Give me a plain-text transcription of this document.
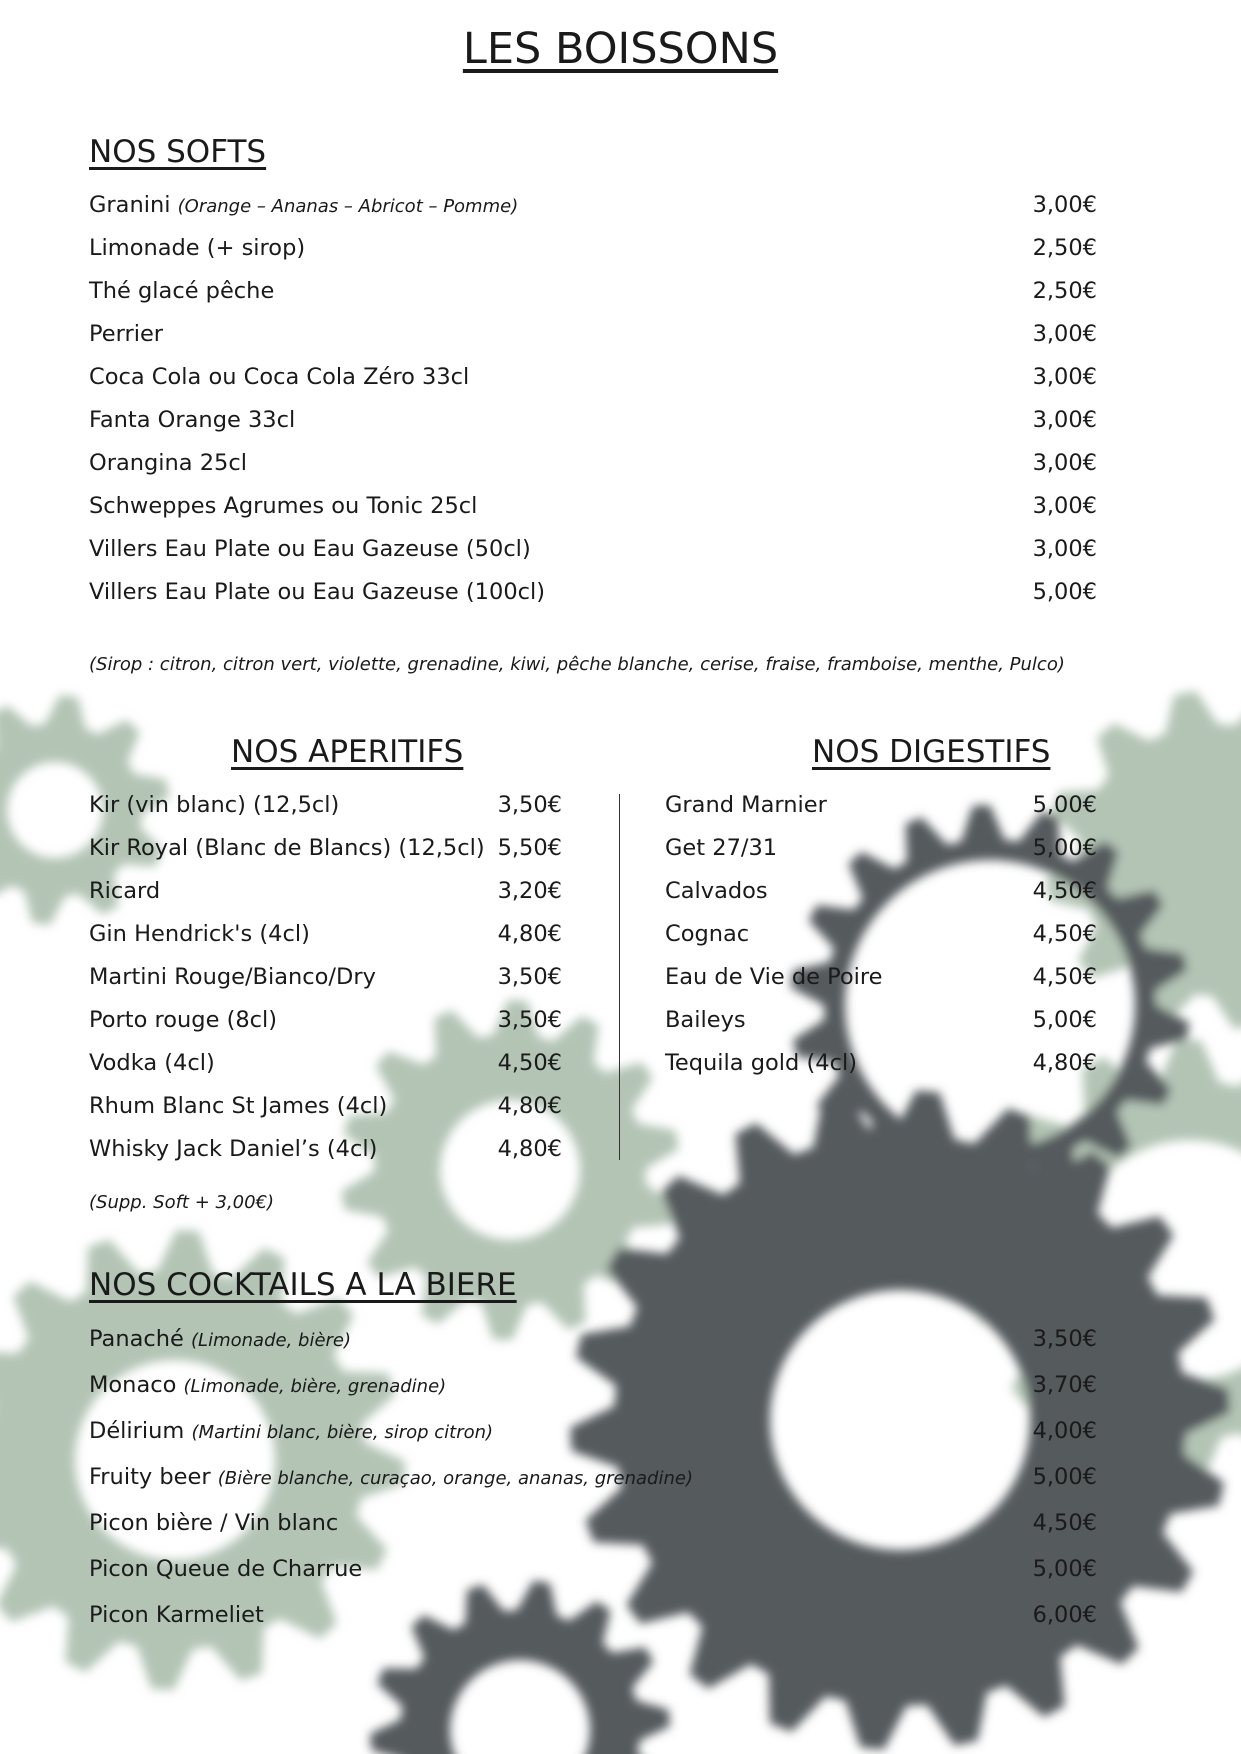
LES BOISSONS
NOS SOFTS
Granini (Orange – Ananas – Abricot – Pomme)	3,00€
Limonade (+ sirop)	2,50€
Thé glacé pêche	2,50€
Perrier	3,00€
Coca Cola ou Coca Cola Zéro 33cl	3,00€
Fanta Orange 33cl	3,00€
Orangina 25cl	3,00€
Schweppes Agrumes ou Tonic 25cl	3,00€
Villers Eau Plate ou Eau Gazeuse (50cl)	3,00€
Villers Eau Plate ou Eau Gazeuse (100cl)	5,00€
(Sirop : citron, citron vert, violette, grenadine, kiwi, pêche blanche, cerise, fraise, framboise, menthe, Pulco)
NOS APERITIFS	NOS DIGESTIFS
Kir (vin blanc) (12,5cl)	3,50€
Kir Royal (Blanc de Blancs) (12,5cl) 5,50€
Ricard	3,20€
Gin Hendrick's (4cl)	4,80€
Martini Rouge/Bianco/Dry	3,50€
Porto rouge (8cl)	3,50€
Vodka (4cl)	4,50€
Rhum Blanc St James (4cl)	4,80€
Whisky Jack Daniel’s (4cl)	4,80€
Grand Marnier	5,00€
Get 27/31	5,00€
Calvados	4,50€
Cognac	4,50€
Eau de Vie de Poire	4,50€
Baileys	5,00€
Tequila gold (4cl)	4,80€
(Supp. Soft + 3,00€)
NOS COCKTAILS A LA BIERE
Panaché (Limonade, bière)	3,50€
Monaco (Limonade, bière, grenadine)	3,70€
Délirium (Martini blanc, bière, sirop citron)	4,00€
Fruity beer (Bière blanche, curaçao, orange, ananas, grenadine)	5,00€
Picon bière / Vin blanc	4,50€
Picon Queue de Charrue	5,00€
Picon Karmeliet	6,00€
